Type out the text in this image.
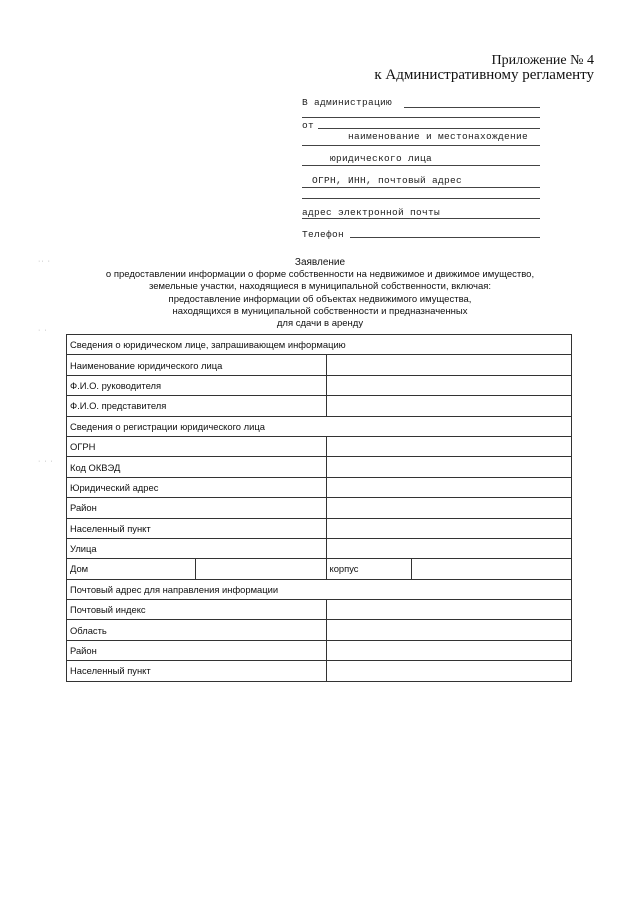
Приложение № 4
к Административному регламенту
·· ·
· ·
· · ·
В администрацию
от
наименование и местонахождение
юридического лица
ОГРН, ИНН, почтовый адрес
адрес электронной почты
Телефон
Заявление
о предоставлении информации о форме собственности на недвижимое и движимое имущество,
земельные участки, находящиеся в муниципальной собственности, включая:
предоставление информации об объектах недвижимого имущества,
находящихся в муниципальной собственности и предназначенных
для сдачи в аренду
Сведения о юридическом лице, запрашивающем информацию			
Наименование юридического лица			
Ф.И.О. руководителя			
Ф.И.О. представителя			
Сведения о регистрации юридического лица			
ОГРН			
Код ОКВЭД			
Юридический адрес			
Район			
Населенный пункт			
Улица			
Дом		корпус	
Почтовый адрес для направления информации			
Почтовый индекс			
Область			
Район			
Населенный пункт			
